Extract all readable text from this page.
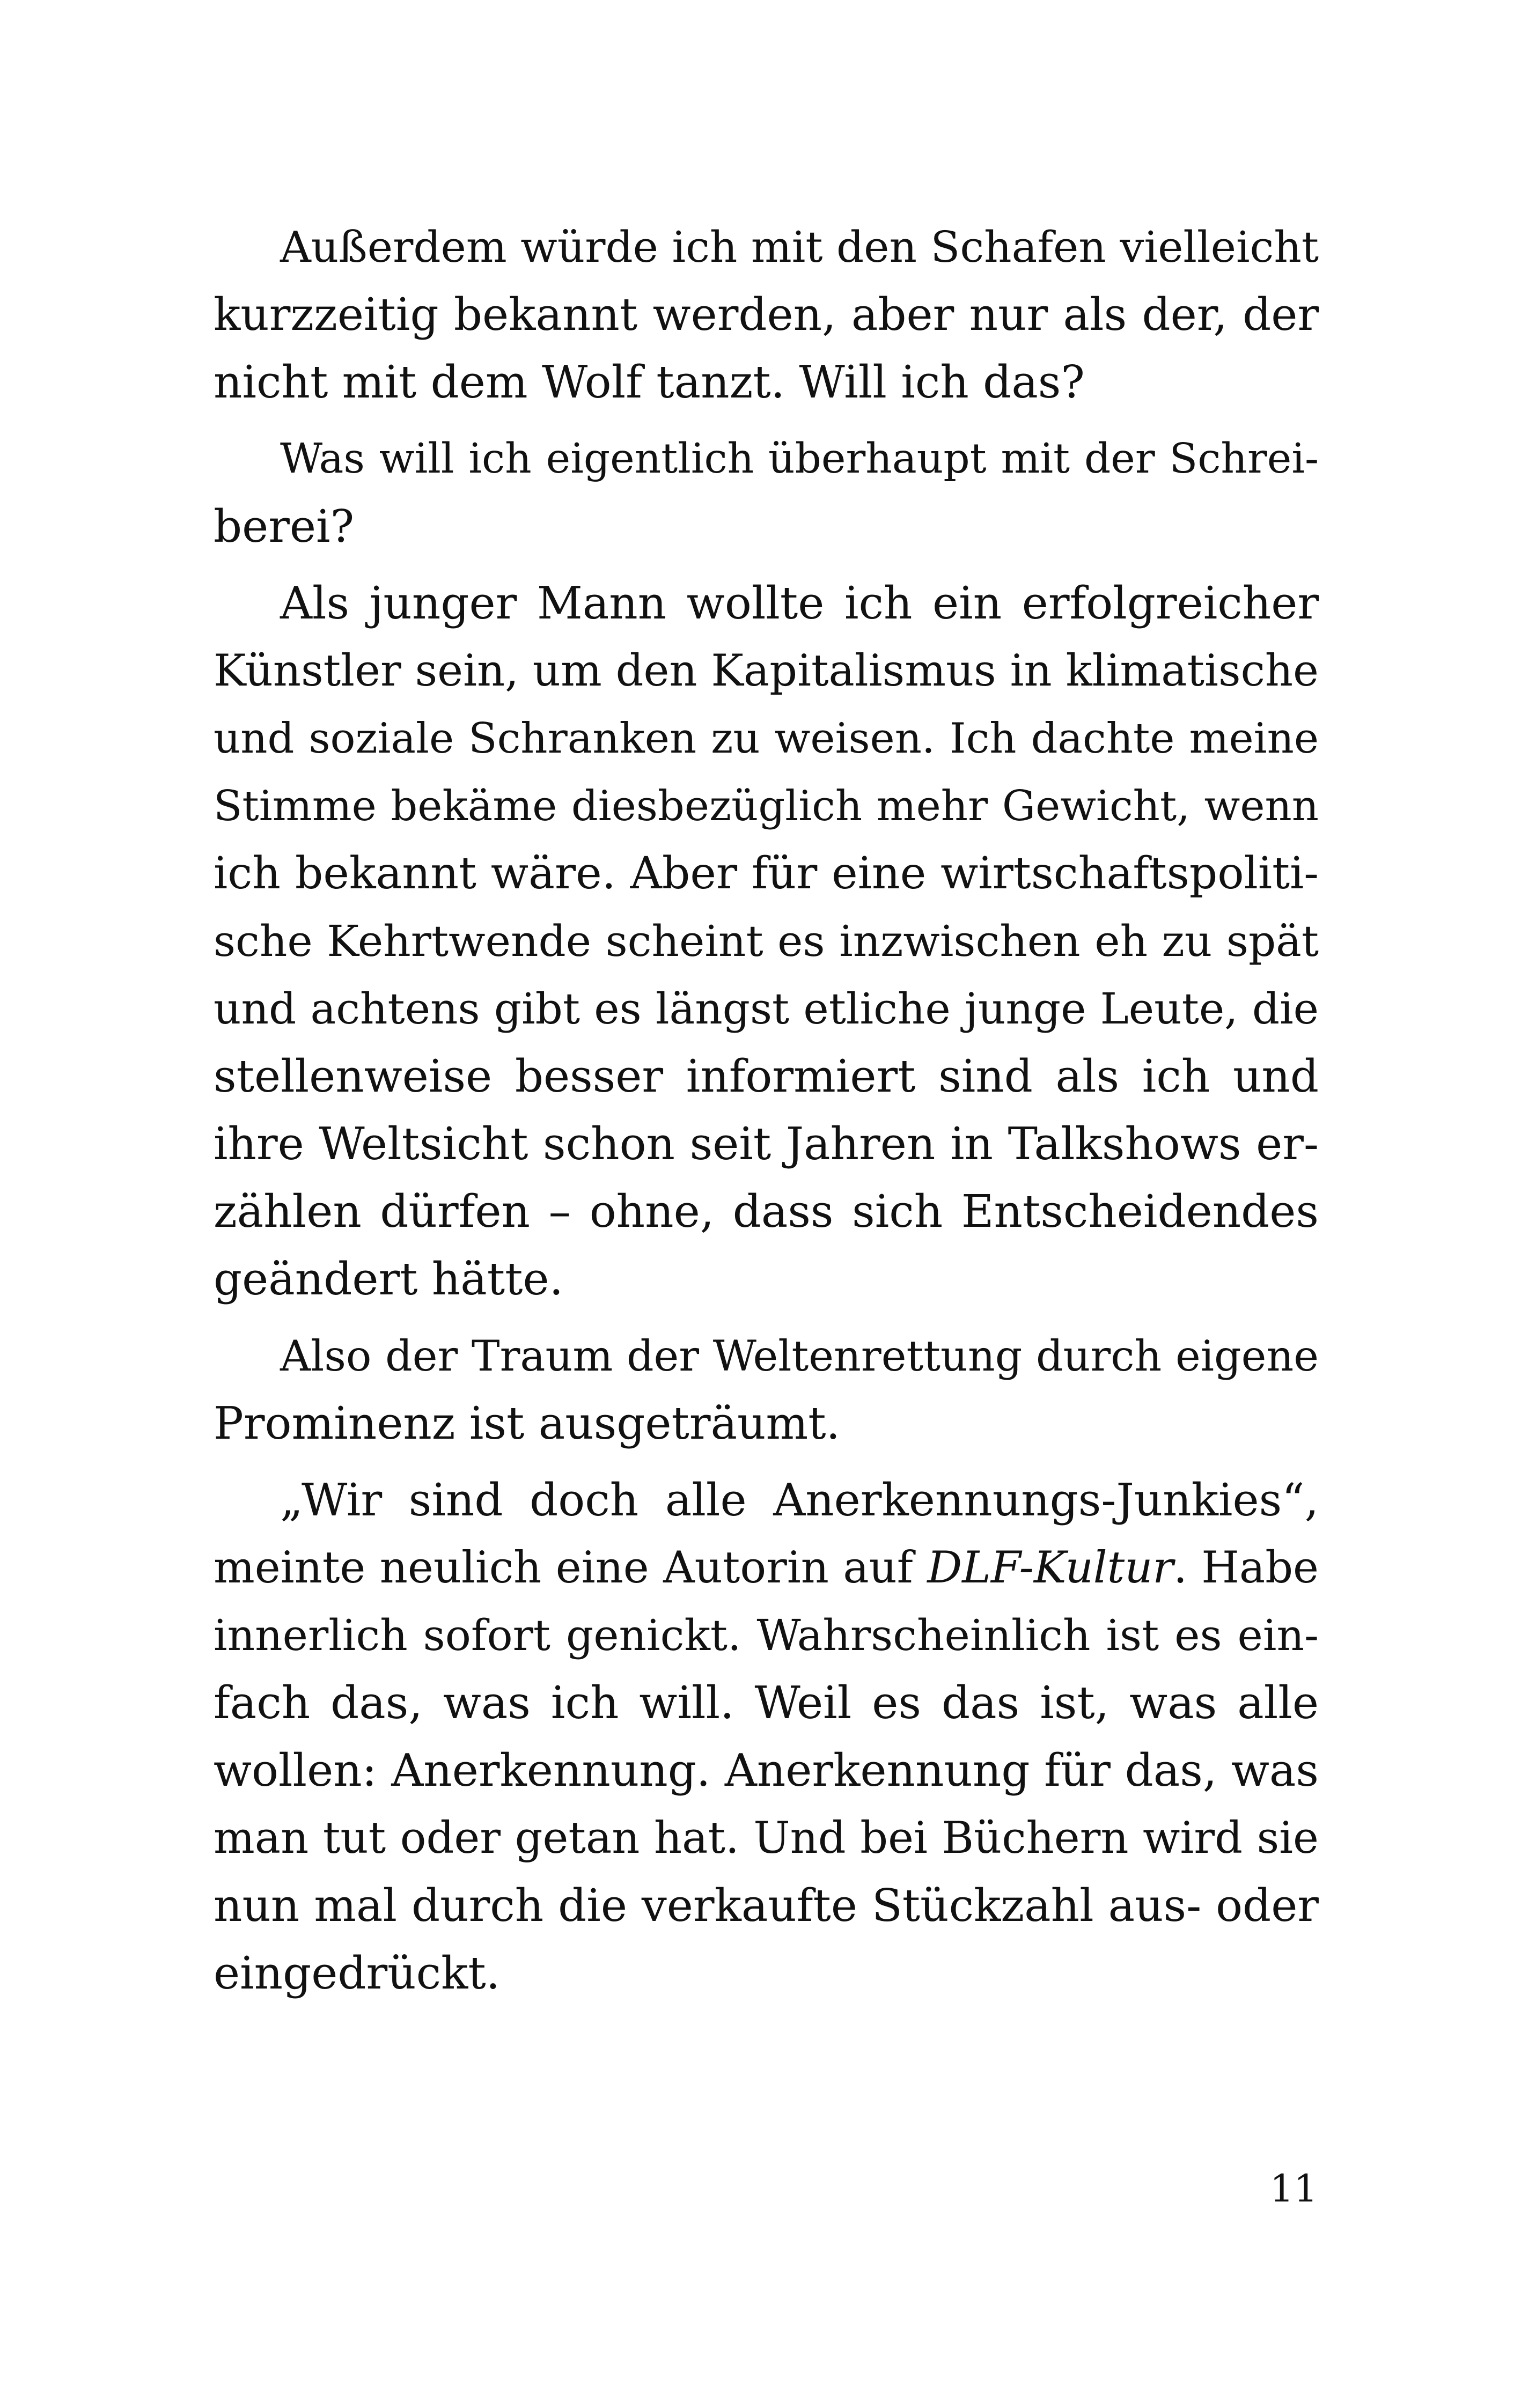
Außerdem würde ich mit den Schafen vielleicht
kurzzeitig bekannt werden, aber nur als der, der
nicht mit dem Wolf tanzt. Will ich das?
Was will ich eigentlich überhaupt mit der Schrei-
berei?
Als junger Mann wollte ich ein erfolgreicher
Künstler sein, um den Kapitalismus in klimatische
und soziale Schranken zu weisen. Ich dachte meine
Stimme bekäme diesbezüglich mehr Gewicht, wenn
ich bekannt wäre. Aber für eine wirtschaftspoliti-
sche Kehrtwende scheint es inzwischen eh zu spät
und achtens gibt es längst etliche junge Leute, die
stellenweise besser informiert sind als ich und
ihre Weltsicht schon seit Jahren in Talkshows er-
zählen dürfen – ohne, dass sich Entscheidendes
geändert hätte.
Also der Traum der Weltenrettung durch eigene
Prominenz ist ausgeträumt.
„Wir sind doch alle Anerkennungs-Junkies“,
meinte neulich eine Autorin auf DLF-Kultur. Habe
innerlich sofort genickt. Wahrscheinlich ist es ein-
fach das, was ich will. Weil es das ist, was alle
wollen: Anerkennung. Anerkennung für das, was
man tut oder getan hat. Und bei Büchern wird sie
nun mal durch die verkaufte Stückzahl aus- oder
eingedrückt.
11
